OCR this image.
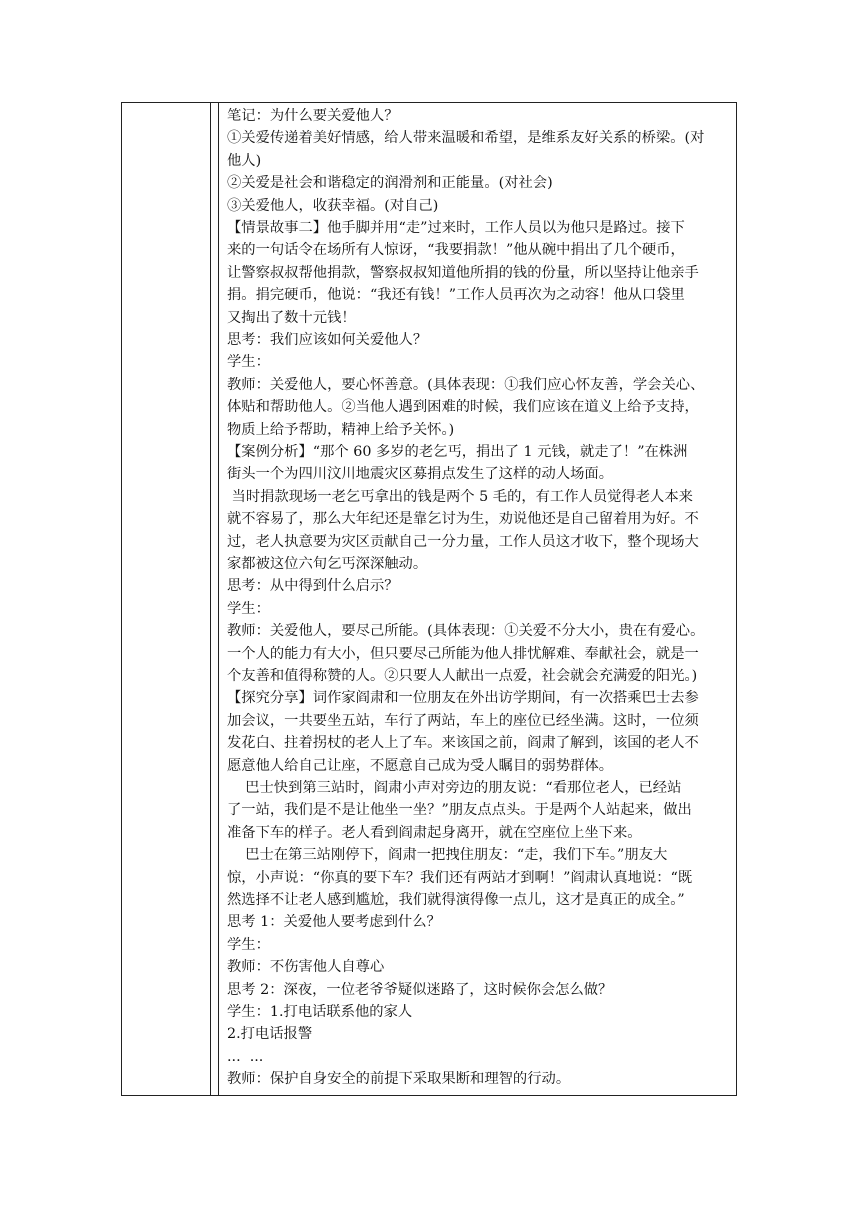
笔记：为什么要关爱他人？
①关爱传递着美好情感，给人带来温暖和希望，是维系友好关系的桥梁。(对
他人)
②关爱是社会和谐稳定的润滑剂和正能量。(对社会)
③关爱他人，收获幸福。(对自己)
【情景故事二】他手脚并用“走”过来时，工作人员以为他只是路过。接下
来的一句话令在场所有人惊讶，“我要捐款！”他从碗中捐出了几个硬币，
让警察叔叔帮他捐款，警察叔叔知道他所捐的钱的份量，所以坚持让他亲手
捐。捐完硬币，他说：“我还有钱！”工作人员再次为之动容！他从口袋里
又掏出了数十元钱！
思考：我们应该如何关爱他人？
学生：
教师：关爱他人，要心怀善意。(具体表现：①我们应心怀友善，学会关心、
体贴和帮助他人。②当他人遇到困难的时候，我们应该在道义上给予支持，
物质上给予帮助，精神上给予关怀。)
【案例分析】“那个 60 多岁的老乞丐，捐出了 1 元钱，就走了！”在株洲
街头一个为四川汶川地震灾区募捐点发生了这样的动人场面。
当时捐款现场一老乞丐拿出的钱是两个 5 毛的，有工作人员觉得老人本来
就不容易了，那么大年纪还是靠乞讨为生，劝说他还是自己留着用为好。不
过，老人执意要为灾区贡献自己一分力量，工作人员这才收下，整个现场大
家都被这位六旬乞丐深深触动。
思考：从中得到什么启示？
学生：
教师：关爱他人，要尽己所能。(具体表现：①关爱不分大小，贵在有爱心。
一个人的能力有大小，但只要尽己所能为他人排忧解难、奉献社会，就是一
个友善和值得称赞的人。②只要人人献出一点爱，社会就会充满爱的阳光。)
【探究分享】词作家阎肃和一位朋友在外出访学期间，有一次搭乘巴士去参
加会议，一共要坐五站，车行了两站，车上的座位已经坐满。这时，一位须
发花白、拄着拐杖的老人上了车。来该国之前，阎肃了解到，该国的老人不
愿意他人给自己让座，不愿意自己成为受人瞩目的弱势群体。
巴士快到第三站时，阎肃小声对旁边的朋友说：“看那位老人，已经站
了一站，我们是不是让他坐一坐？”朋友点点头。于是两个人站起来，做出
准备下车的样子。老人看到阎肃起身离开，就在空座位上坐下来。
巴士在第三站刚停下，阎肃一把拽住朋友：“走，我们下车。”朋友大
惊，小声说：“你真的要下车？我们还有两站才到啊！”阎肃认真地说：“既
然选择不让老人感到尴尬，我们就得演得像一点儿，这才是真正的成全。”
思考 1：关爱他人要考虑到什么？
学生：
教师：不伤害他人自尊心
思考 2：深夜，一位老爷爷疑似迷路了，这时候你会怎么做？
学生：1.打电话联系他的家人
2.打电话报警
...  ...
教师：保护自身安全的前提下采取果断和理智的行动。
